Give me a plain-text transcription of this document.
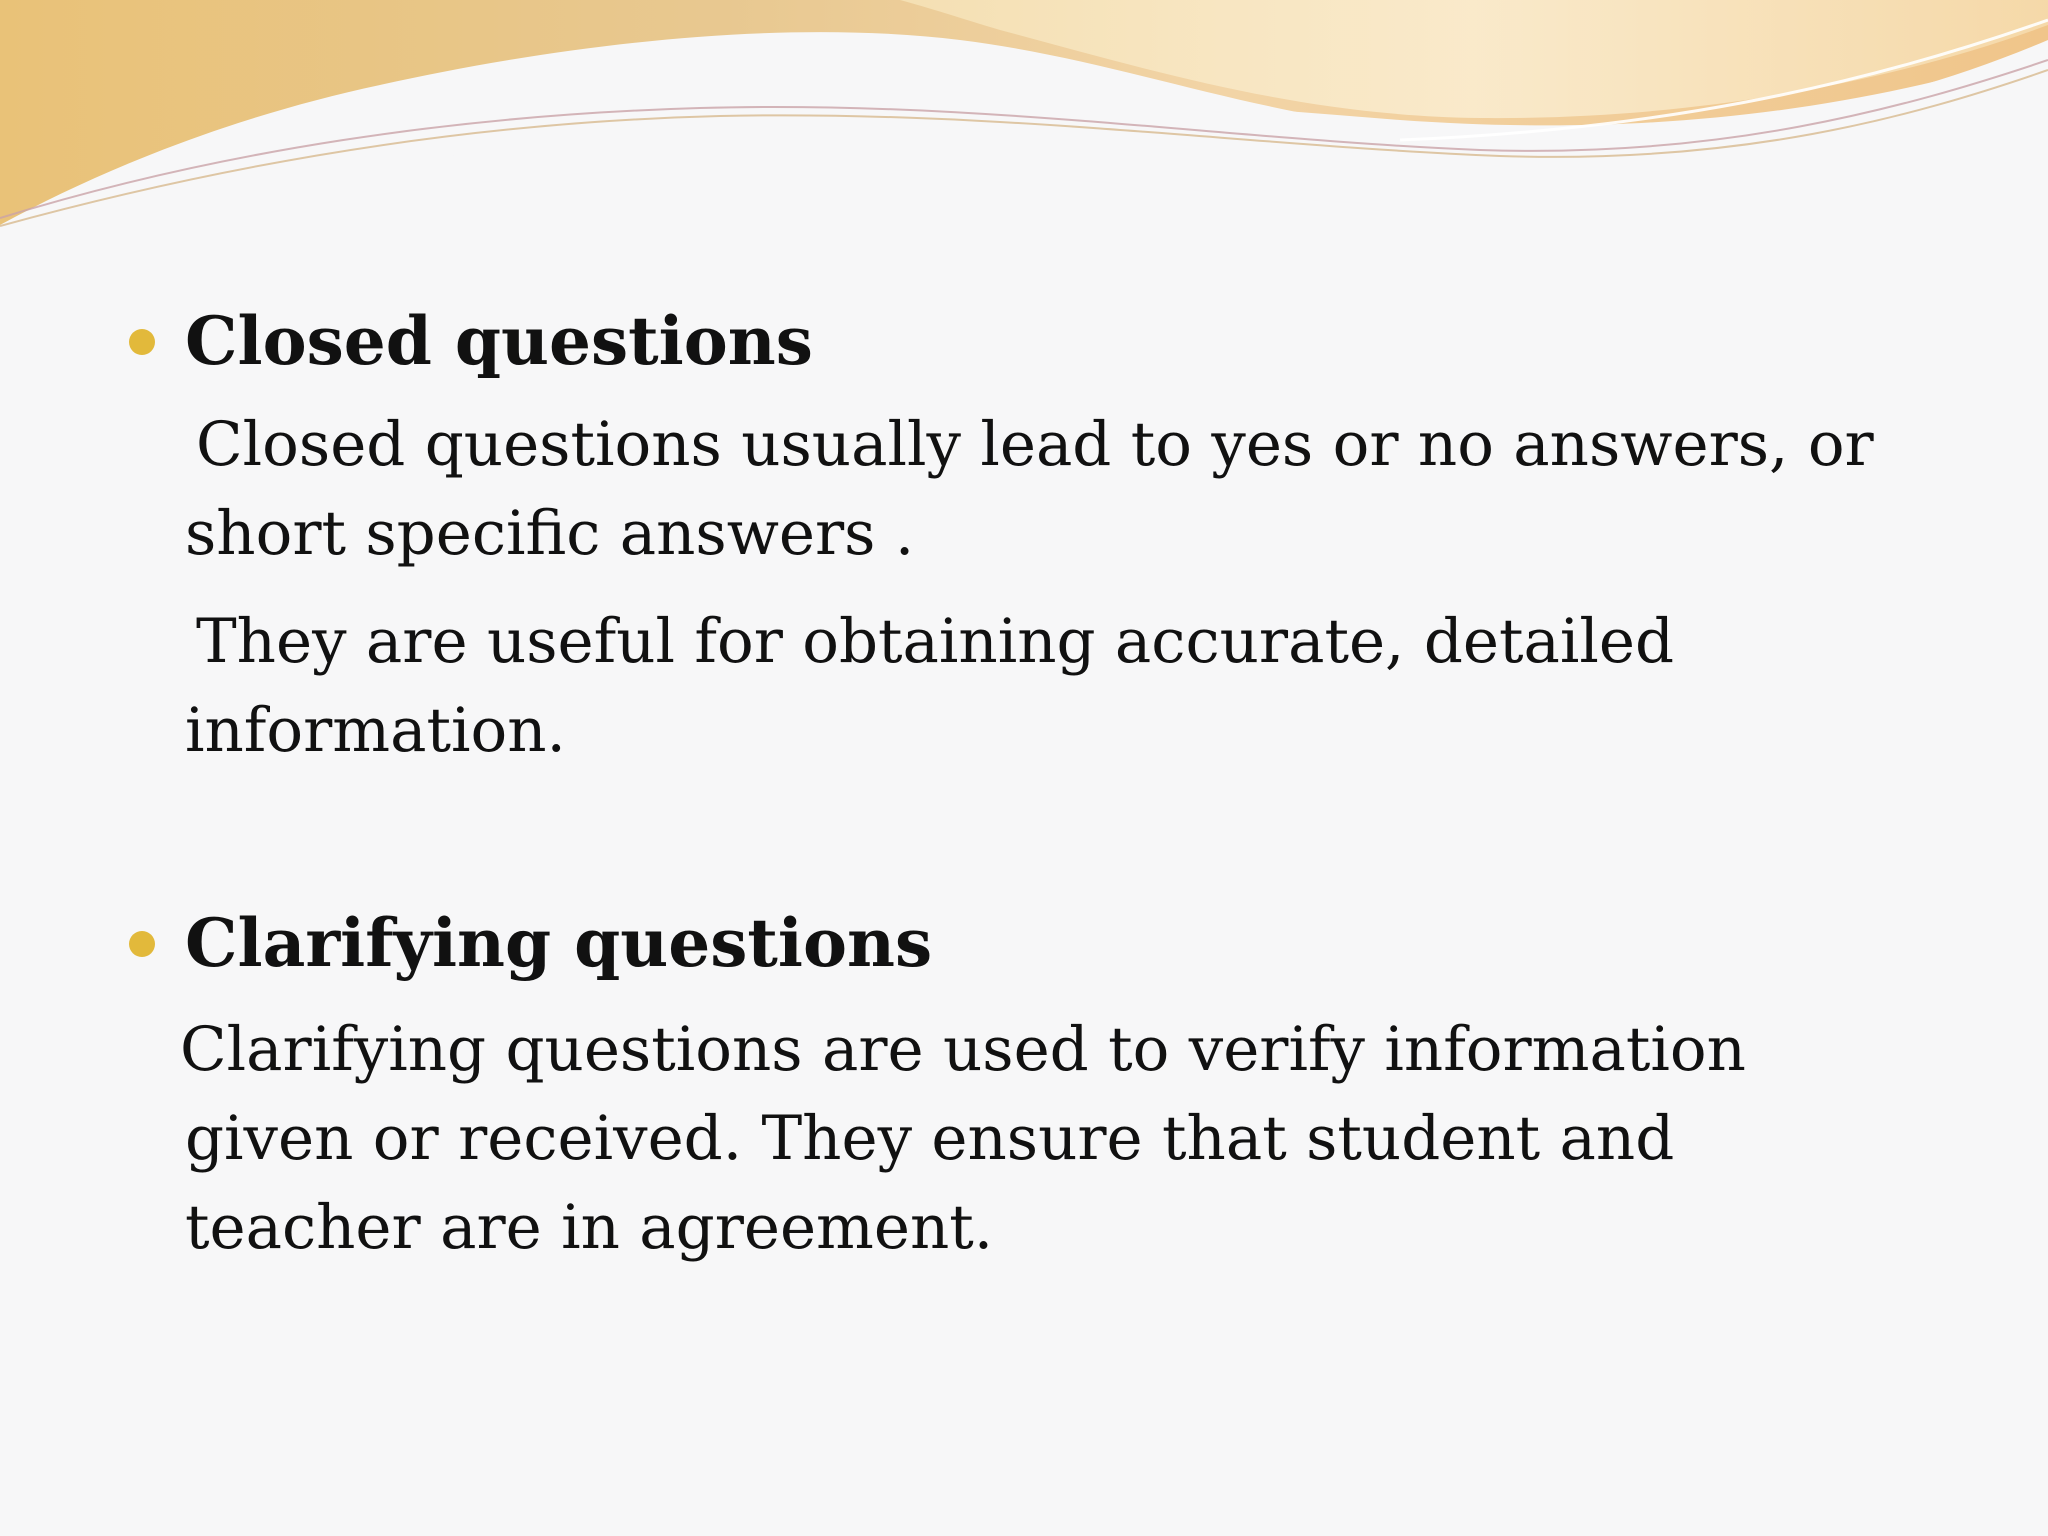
Closed questions
Closed questions usually lead to yes or no answers, or
short specific answers .
They are useful for obtaining accurate, detailed
information.
Clarifying questions
Clarifying questions are used to verify information
given or received. They ensure that student and
teacher are in agreement.
